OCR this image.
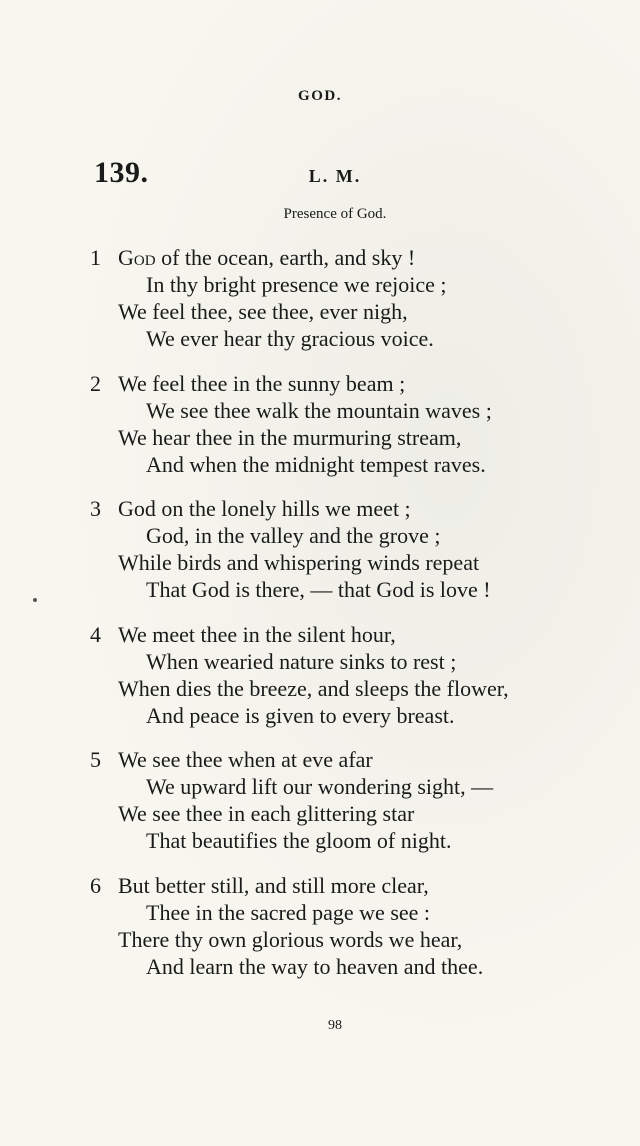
GOD.
139.	L. M.
Presence of God.
1 God of the ocean, earth, and sky !
In thy bright presence we rejoice ;
We feel thee, see thee, ever nigh,
We ever hear thy gracious voice.
2 We feel thee in the sunny beam ;
We see thee walk the mountain waves ;
We hear thee in the murmuring stream,
And when the midnight tempest raves.
3 God on the lonely hills we meet ;
God, in the valley and the grove ;
While birds and whispering winds repeat
That God is there, — that God is love !
4 We meet thee in the silent hour,
When wearied nature sinks to rest ;
When dies the breeze, and sleeps the flower,
And peace is given to every breast.
5 We see thee when at eve afar
We upward lift our wondering sight, —
We see thee in each glittering star
That beautifies the gloom of night.
6 But better still, and still more clear,
Thee in the sacred page we see :
There thy own glorious words we hear,
And learn the way to heaven and thee.
98
